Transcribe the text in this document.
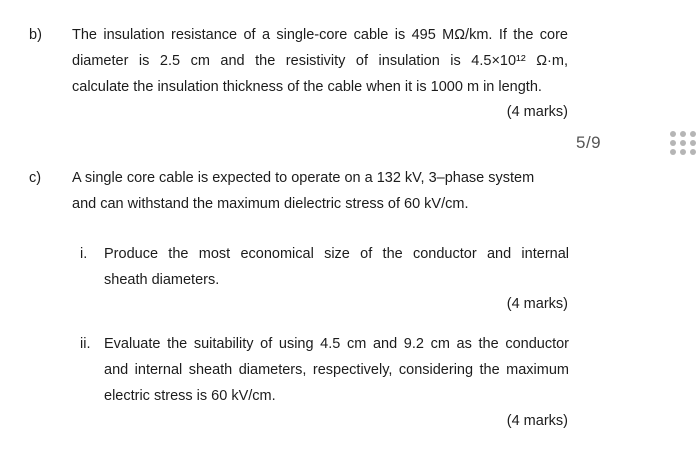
b) The insulation resistance of a single-core cable is 495 MΩ/km. If the core

diameter is 2.5 cm and the resistivity of insulation is 4.5×10¹² Ω·m,

calculate the insulation thickness of the cable when it is 1000 m in length.

(4 marks)
5/9
c) A single core cable is expected to operate on a 132 kV, 3–phase system

and can withstand the maximum dielectric stress of 60 kV/cm.

i. Produce the most economical size of the conductor and internal

sheath diameters.

(4 marks)
ii. Evaluate the suitability of using 4.5 cm and 9.2 cm as the conductor

and internal sheath diameters, respectively, considering the maximum

electric stress is 60 kV/cm.

(4 marks)
